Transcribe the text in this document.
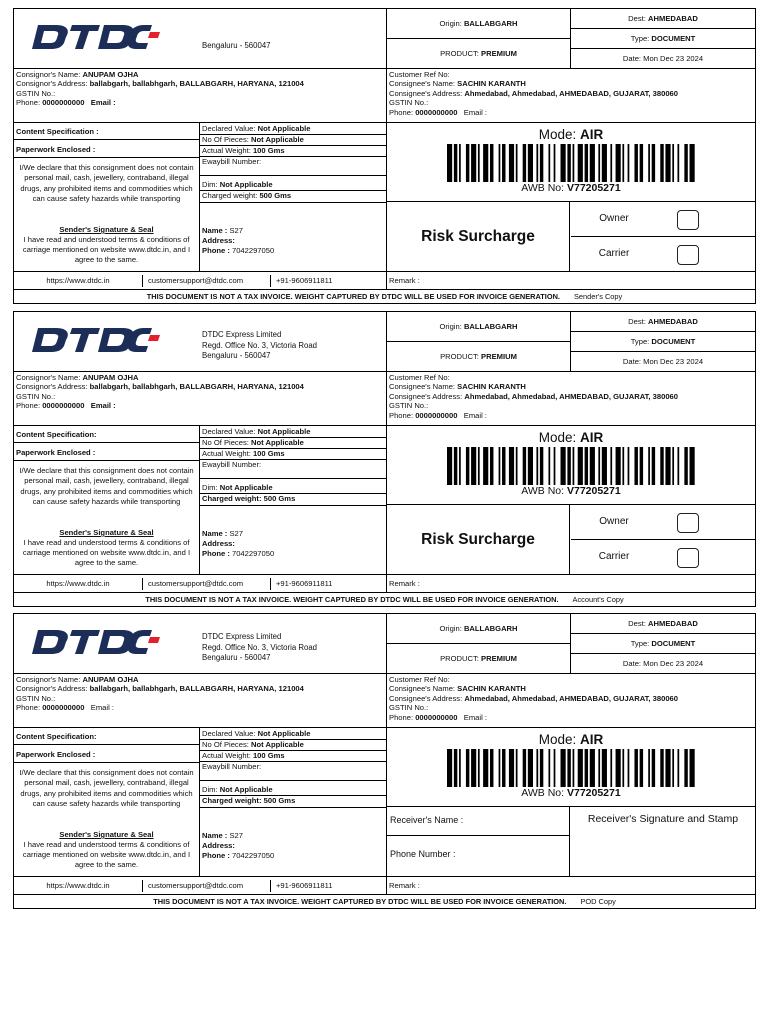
Bengaluru - 560047
Origin:
BALLABGARH
PRODUCT:
PREMIUM
Dest:
AHMEDABAD
Type:
DOCUMENT
Date: Mon Dec 23 2024
Consignor's Name: ANUPAM OJHA
Consignor's Address: ballabgarh, ballabhgarh, BALLABGARH, HARYANA, 121004
GSTIN No.:
Phone: 0000000000 Email :
Customer Ref No:
Consignee's Name: SACHIN KARANTH
Consignee's Address: Ahmedabad, Ahmedabad, AHMEDABAD, GUJARAT, 380060
GSTIN No.:
Phone: 0000000000 Email :
Content Specification :
Paperwork Enclosed :
I/We declare that this consignment does not contain personal mail, cash, jewellery, contraband, illegal drugs, any prohibited items and commodities which can cause safety hazards while transporting
Sender's Signature & Seal
I have read and understood terms & conditions of carriage mentioned on website www.dtdc.in, and I agree to the same.
Declared Value: Not Applicable
No Of Pieces: Not Applicable
Actual Weight: 100 Gms
Ewaybill Number:
Dim: Not Applicable
Charged weight: 500 Gms
Name : S27
Address:
Phone : 7042297050
Mode: AIR
AWB No: V77205271
Risk Surcharge
Owner
Carrier
https://www.dtdc.in	customersupport@dtdc.com	+91-9606911811	Remark :
THIS DOCUMENT IS NOT A TAX INVOICE. WEIGHT CAPTURED BY DTDC WILL BE USED FOR INVOICE GENERATION. Sender's Copy
DTDC Express Limited
Regd. Office No. 3, Victoria Road
Bengaluru - 560047
Origin:
BALLABGARH
PRODUCT:
PREMIUM
Dest:
AHMEDABAD
Type:
DOCUMENT
Date: Mon Dec 23 2024
Consignor's Name: ANUPAM OJHA
Consignor's Address: ballabgarh, ballabhgarh, BALLABGARH, HARYANA, 121004
GSTIN No.:
Phone: 0000000000 Email :
Customer Ref No:
Consignee's Name: SACHIN KARANTH
Consignee's Address: Ahmedabad, Ahmedabad, AHMEDABAD, GUJARAT, 380060
GSTIN No.:
Phone: 0000000000 Email :
Content Specification:
Paperwork Enclosed :
I/We declare that this consignment does not contain personal mail, cash, jewellery, contraband, illegal drugs, any prohibited items and commodities which can cause safety hazards while transporting
Sender's Signature & Seal
I have read and understood terms & conditions of carriage mentioned on website www.dtdc.in, and I agree to the same.
Declared Value: Not Applicable
No Of Pieces: Not Applicable
Actual Weight: 100 Gms
Ewaybill Number:
Dim: Not Applicable
Charged weight: 500 Gms
Name : S27
Address:
Phone : 7042297050
Mode: AIR
AWB No: V77205271
Risk Surcharge
Owner
Carrier
https://www.dtdc.in	customersupport@dtdc.com	+91-9606911811	Remark :
THIS DOCUMENT IS NOT A TAX INVOICE. WEIGHT CAPTURED BY DTDC WILL BE USED FOR INVOICE GENERATION. Account's Copy
DTDC Express Limited
Regd. Office No. 3, Victoria Road
Bengaluru - 560047
Origin:
BALLABGARH
PRODUCT:
PREMIUM
Dest:
AHMEDABAD
Type:
DOCUMENT
Date: Mon Dec 23 2024
Consignor's Name: ANUPAM OJHA
Consignor's Address: ballabgarh, ballabhgarh, BALLABGARH, HARYANA, 121004
GSTIN No.:
Phone: 0000000000 Email :
Customer Ref No:
Consignee's Name: SACHIN KARANTH
Consignee's Address: Ahmedabad, Ahmedabad, AHMEDABAD, GUJARAT, 380060
GSTIN No.:
Phone: 0000000000 Email :
Content Specification:
Paperwork Enclosed :
I/We declare that this consignment does not contain personal mail, cash, jewellery, contraband, illegal drugs, any prohibited items and commodities which can cause safety hazards while transporting
Sender's Signature & Seal
I have read and understood terms & conditions of carriage mentioned on website www.dtdc.in, and I agree to the same.
Declared Value: Not Applicable
No Of Pieces: Not Applicable
Actual Weight: 100 Gms
Ewaybill Number:
Dim: Not Applicable
Charged weight: 500 Gms
Name : S27
Address:
Phone : 7042297050
Mode: AIR
AWB No: V77205271
Receiver's Name :
Phone Number :
Receiver's Signature and Stamp
https://www.dtdc.in	customersupport@dtdc.com	+91-9606911811	Remark :
THIS DOCUMENT IS NOT A TAX INVOICE. WEIGHT CAPTURED BY DTDC WILL BE USED FOR INVOICE GENERATION. POD Copy
